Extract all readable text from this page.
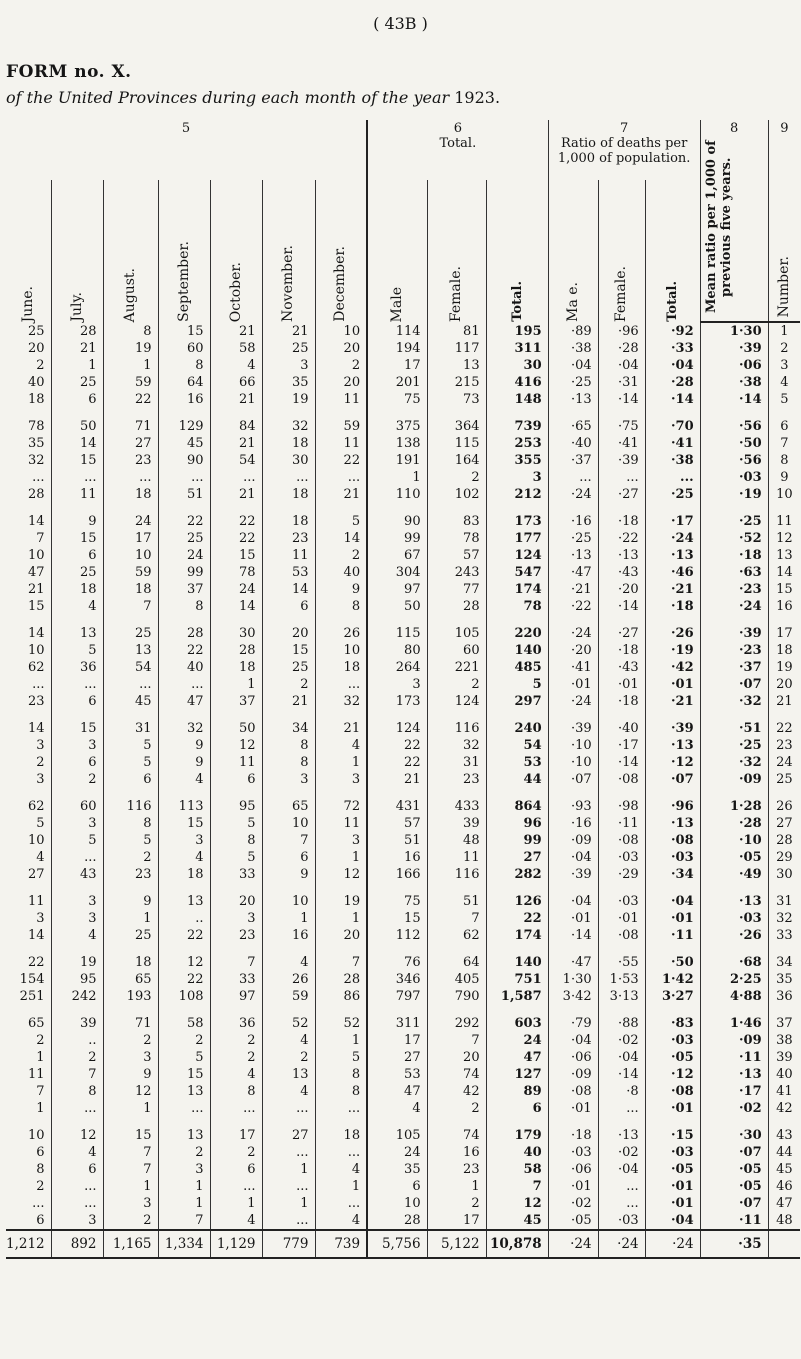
( 43B )
FORM no. X.
of the United Provinces during each month of the year 1923.
5							6			7			8	9
							Total.			Ratio of deaths per 1,000 of population.			Mean ratio per 1,000 of previous five years.	Number.

June.	July.	August.	September.	October.	November.	December.	Male	Female.	Total.	Ma e.	Female.	Total.		

25	28	8	15	21	21	10	114	81	195	·89	·96	·92	1·30	1
20	21	19	60	58	25	20	194	117	311	·38	·28	·33	·39	2
2	1	1	8	4	3	2	17	13	30	·04	·04	·04	·06	3
40	25	59	64	66	35	20	201	215	416	·25	·31	·28	·38	4
18	6	22	16	21	19	11	75	73	148	·13	·14	·14	·14	5

78	50	71	129	84	32	59	375	364	739	·65	·75	·70	·56	6
35	14	27	45	21	18	11	138	115	253	·40	·41	·41	·50	7
32	15	23	90	54	30	22	191	164	355	·37	·39	·38	·56	8
...	...	...	...	...	...	...	1	2	3	...	...	...	·03	9
28	11	18	51	21	18	21	110	102	212	·24	·27	·25	·19	10

14	9	24	22	22	18	5	90	83	173	·16	·18	·17	·25	11
7	15	17	25	22	23	14	99	78	177	·25	·22	·24	·52	12
10	6	10	24	15	11	2	67	57	124	·13	·13	·13	·18	13
47	25	59	99	78	53	40	304	243	547	·47	·43	·46	·63	14
21	18	18	37	24	14	9	97	77	174	·21	·20	·21	·23	15
15	4	7	8	14	6	8	50	28	78	·22	·14	·18	·24	16

14	13	25	28	30	20	26	115	105	220	·24	·27	·26	·39	17
10	5	13	22	28	15	10	80	60	140	·20	·18	·19	·23	18
62	36	54	40	18	25	18	264	221	485	·41	·43	·42	·37	19
...	...	...	...	1	2	...	3	2	5	·01	·01	·01	·07	20
23	6	45	47	37	21	32	173	124	297	·24	·18	·21	·32	21

14	15	31	32	50	34	21	124	116	240	·39	·40	·39	·51	22
3	3	5	9	12	8	4	22	32	54	·10	·17	·13	·25	23
2	6	5	9	11	8	1	22	31	53	·10	·14	·12	·32	24
3	2	6	4	6	3	3	21	23	44	·07	·08	·07	·09	25

62	60	116	113	95	65	72	431	433	864	·93	·98	·96	1·28	26
5	3	8	15	5	10	11	57	39	96	·16	·11	·13	·28	27
10	5	5	3	8	7	3	51	48	99	·09	·08	·08	·10	28
4	...	2	4	5	6	1	16	11	27	·04	·03	·03	·05	29
27	43	23	18	33	9	12	166	116	282	·39	·29	·34	·49	30

11	3	9	13	20	10	19	75	51	126	·04	·03	·04	·13	31
3	3	1	..	3	1	1	15	7	22	·01	·01	·01	·03	32
14	4	25	22	23	16	20	112	62	174	·14	·08	·11	·26	33

22	19	18	12	7	4	7	76	64	140	·47	·55	·50	·68	34
154	95	65	22	33	26	28	346	405	751	1·30	1·53	1·42	2·25	35
251	242	193	108	97	59	86	797	790	1,587	3·42	3·13	3·27	4·88	36

65	39	71	58	36	52	52	311	292	603	·79	·88	·83	1·46	37
2	..	2	2	2	4	1	17	7	24	·04	·02	·03	·09	38
1	2	3	5	2	2	5	27	20	47	·06	·04	·05	·11	39
11	7	9	15	4	13	8	53	74	127	·09	·14	·12	·13	40
7	8	12	13	8	4	8	47	42	89	·08	·8	·08	·17	41
1	...	1	...	...	...	...	4	2	6	·01	...	·01	·02	42

10	12	15	13	17	27	18	105	74	179	·18	·13	·15	·30	43
6	4	7	2	2	...	...	24	16	40	·03	·02	·03	·07	44
8	6	7	3	6	1	4	35	23	58	·06	·04	·05	·05	45
2	...	1	1	...	...	1	6	1	7	·01	...	·01	·05	46
...	...	3	1	1	1	...	10	2	12	·02	...	·01	·07	47
6	3	2	7	4	...	4	28	17	45	·05	·03	·04	·11	48
1,212	892	1,165	1,334	1,129	779	739	5,756	5,122	10,878	·24	·24	·24	·35	
